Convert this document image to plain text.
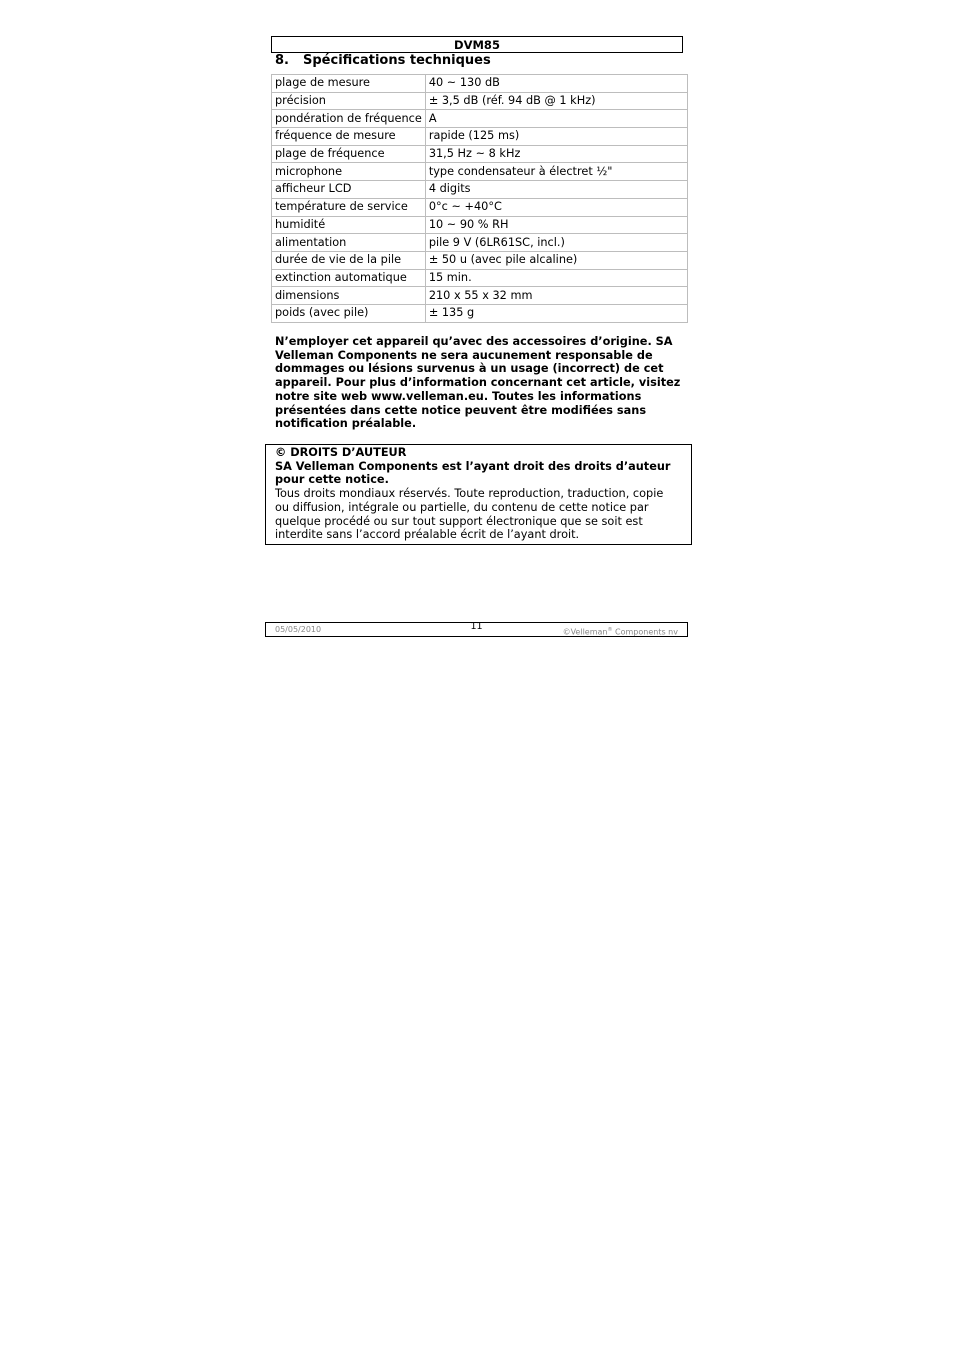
DVM85
8. Spécifications techniques
plage de mesure	40 ~ 130 dB
précision	± 3,5 dB (réf. 94 dB @ 1 kHz)
pondération de fréquence	A
fréquence de mesure	rapide (125 ms)
plage de fréquence	31,5 Hz ~ 8 kHz
microphone	type condensateur à électret ½"
afficheur LCD	4 digits
température de service	0°c ~ +40°C
humidité	10 ~ 90 % RH
alimentation	pile 9 V (6LR61SC, incl.)
durée de vie de la pile	± 50 u (avec pile alcaline)
extinction automatique	15 min.
dimensions	210 x 55 x 32 mm
poids (avec pile)	± 135 g
N’employer cet appareil qu’avec des accessoires d’origine. SA
Velleman Components ne sera aucunement responsable de
dommages ou lésions survenus à un usage (incorrect) de cet
appareil. Pour plus d’information concernant cet article, visitez
notre site web www.velleman.eu. Toutes les informations
présentées dans cette notice peuvent être modifiées sans
notification préalable.
© DROITS D’AUTEUR
SA Velleman Components est l’ayant droit des droits d’auteur
pour cette notice.
Tous droits mondiaux réservés. Toute reproduction, traduction, copie
ou diffusion, intégrale ou partielle, du contenu de cette notice par
quelque procédé ou sur tout support électronique que se soit est
interdite sans l’accord préalable écrit de l’ayant droit.
05/05/2010	11
©Velleman® Components nv
